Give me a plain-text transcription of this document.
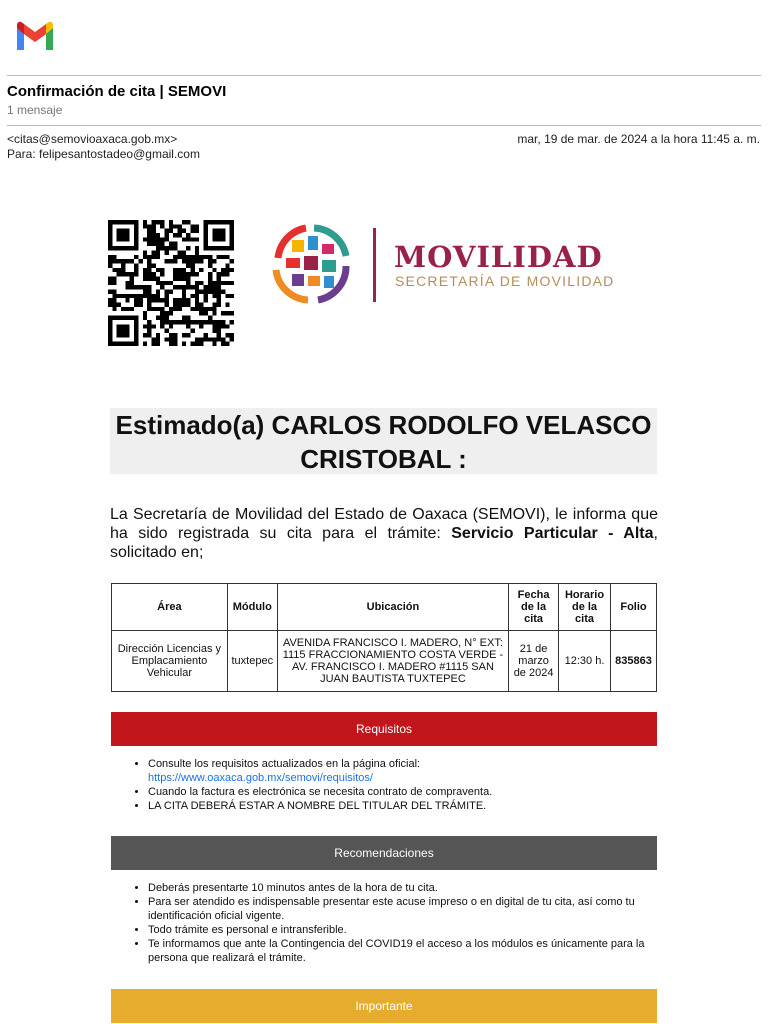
Confirmación de cita | SEMOVI
1 mensaje
<citas@semovioaxaca.gob.mx>
Para: felipesantostadeo@gmail.com
mar, 19 de mar. de 2024 a la hora 11:45 a. m.
MOVILIDAD
SECRETARÍA DE MOVILIDAD
Estimado(a) CARLOS RODOLFO VELASCO CRISTOBAL :
La Secretaría de Movilidad del Estado de Oaxaca (SEMOVI), le informa que ha sido registrada su cita para el trámite: Servicio Particular - Alta, solicitado en;
Área	Módulo	Ubicación	Fecha de la cita	Horario de la cita	Folio
Dirección Licencias y Emplacamiento Vehicular	tuxtepec	AVENIDA FRANCISCO I. MADERO, N° EXT: 1115 FRACCIONAMIENTO COSTA VERDE - AV. FRANCISCO I. MADERO #1115 SAN JUAN BAUTISTA TUXTEPEC	21 de marzo de 2024	12:30 h.	835863
Requisitos
• Consulte los requisitos actualizados en la página oficial:
https://www.oaxaca.gob.mx/semovi/requisitos/
• Cuando la factura es electrónica se necesita contrato de compraventa.
• LA CITA DEBERÁ ESTAR A NOMBRE DEL TITULAR DEL TRÁMITE.
Recomendaciones
• Deberás presentarte 10 minutos antes de la hora de tu cita.
• Para ser atendido es indispensable presentar este acuse impreso o en digital de tu cita, así como tu identificación oficial vigente.
• Todo trámite es personal e intransferible.
• Te informamos que ante la Contingencia del COVID19 el acceso a los módulos es únicamente para la persona que realizará el trámite.
Importante
